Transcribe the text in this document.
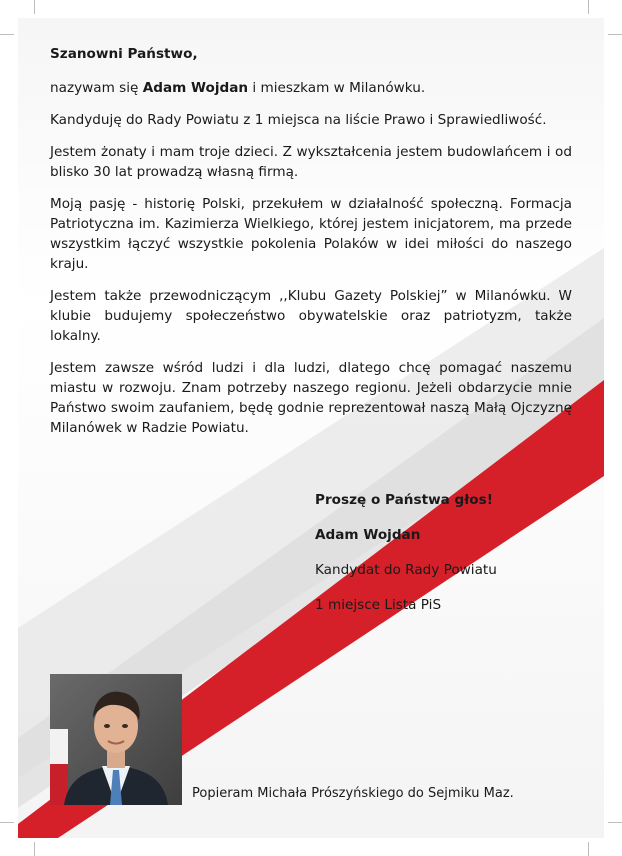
Szanowni Państwo,

nazywam się Adam Wojdan i mieszkam w Milanówku.

Kandyduję do Rady Powiatu z 1 miejsca na liście Prawo i Sprawiedliwość.

Jestem żonaty i mam troje dzieci. Z wykształcenia jestem budowlańcem i od blisko 30 lat prowadzą własną firmą.

Moją pasję - historię Polski, przekułem w działalność społeczną. Formacja Patriotyczna im. Kazimierza Wielkiego, której jestem inicjatorem, ma przede wszystkim łączyć wszystkie pokolenia Polaków w idei miłości do naszego kraju.

Jestem także przewodniczącym ,,Klubu Gazety Polskiej” w Milanówku. W klubie budujemy społeczeństwo obywatelskie oraz patriotyzm, także lokalny.

Jestem zawsze wśród ludzi i dla ludzi, dlatego chcę pomagać naszemu miastu w rozwoju. Znam potrzeby naszego regionu. Jeżeli obdarzycie mnie Państwo swoim zaufaniem, będę godnie reprezentował naszą Małą Ojczyznę Milanówek w Radzie Powiatu.

Proszę o Państwa głos!
Adam Wojdan
Kandydat do Rady Powiatu
1 miejsce Lista PiS
Popieram Michała Prószyńskiego do Sejmiku Maz.
